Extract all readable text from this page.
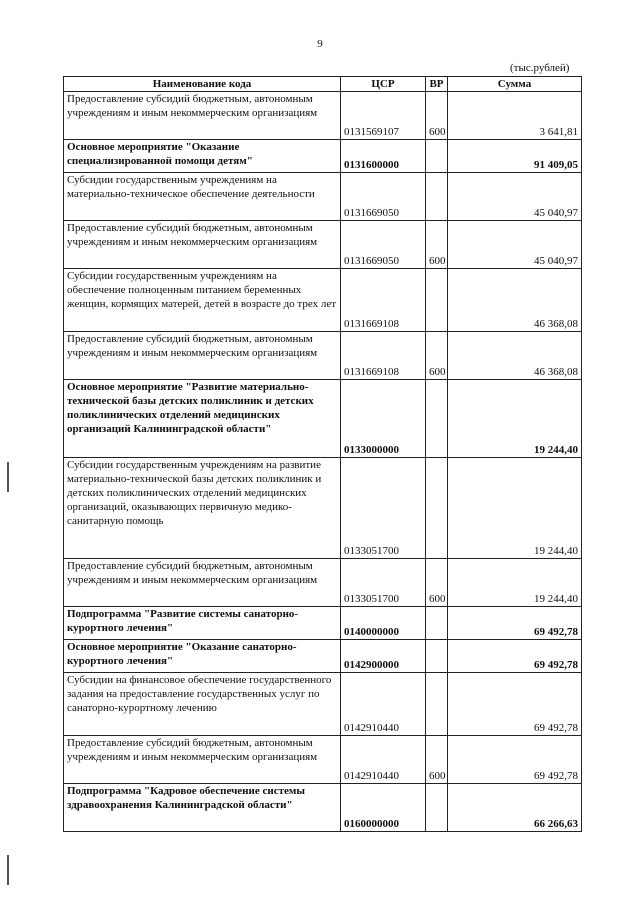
9
(тыс.рублей)
Наименование кода	ЦСР	ВР	Сумма
Предоставление субсидий бюджетным, автономным учреждениям и иным некоммерческим организациям	0131569107	600	3 641,81
Основное мероприятие "Оказание специализированной помощи детям"	0131600000		91 409,05
Субсидии государственным учреждениям на материально-техническое обеспечение деятельности	0131669050		45 040,97
Предоставление субсидий бюджетным, автономным учреждениям и иным некоммерческим организациям	0131669050	600	45 040,97
Субсидии государственным учреждениям на обеспечение полноценным питанием беременных женщин, кормящих матерей, детей в возрасте до трех лет	0131669108		46 368,08
Предоставление субсидий бюджетным, автономным учреждениям и иным некоммерческим организациям	0131669108	600	46 368,08
Основное мероприятие "Развитие материально-технической базы детских поликлиник и детских поликлинических отделений медицинских организаций Калининградской области"	0133000000		19 244,40
Субсидии государственным учреждениям на развитие материально-технической базы детских поликлиник и детских поликлинических отделений медицинских организаций, оказывающих первичную медико-санитарную помощь	0133051700		19 244,40
Предоставление субсидий бюджетным, автономным учреждениям и иным некоммерческим организациям	0133051700	600	19 244,40
Подпрограмма "Развитие системы санаторно-курортного лечения"	0140000000		69 492,78
Основное мероприятие "Оказание санаторно-курортного лечения"	0142900000		69 492,78
Субсидии на финансовое обеспечение государственного задания на предоставление государственных услуг по санаторно-курортному лечению	0142910440		69 492,78
Предоставление субсидий бюджетным, автономным учреждениям и иным некоммерческим организациям	0142910440	600	69 492,78
Подпрограмма "Кадровое обеспечение системы здравоохранения Калининградской области"	0160000000		66 266,63
